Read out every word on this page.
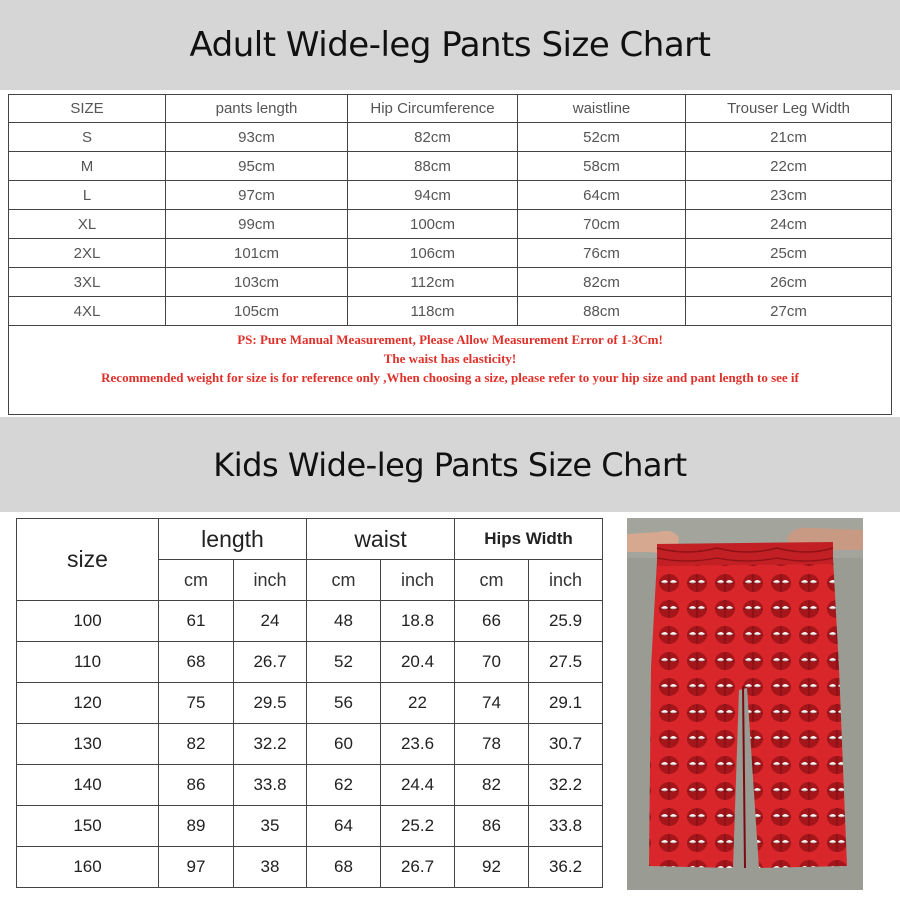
Adult Wide-leg Pants Size Chart
SIZE	pants length	Hip Circumference	waistline	Trouser Leg Width
S	93cm	82cm	52cm	21cm
M	95cm	88cm	58cm	22cm
L	97cm	94cm	64cm	23cm
XL	99cm	100cm	70cm	24cm
2XL	101cm	106cm	76cm	25cm
3XL	103cm	112cm	82cm	26cm
4XL	105cm	118cm	88cm	27cm

PS: Pure Manual Measurement, Please Allow Measurement Error of 1-3Cm!
The waist has elasticity!
Recommended weight for size is for reference only ,When choosing a size, please refer to your hip size and pant length to see if				
Kids Wide-leg Pants Size Chart
size	length		waist		Hips Width	
	cm	inch	cm	inch	cm	inch
100	61	24	48	18.8	66	25.9
110	68	26.7	52	20.4	70	27.5
120	75	29.5	56	22	74	29.1
130	82	32.2	60	23.6	78	30.7
140	86	33.8	62	24.4	82	32.2
150	89	35	64	25.2	86	33.8
160	97	38	68	26.7	92	36.2
